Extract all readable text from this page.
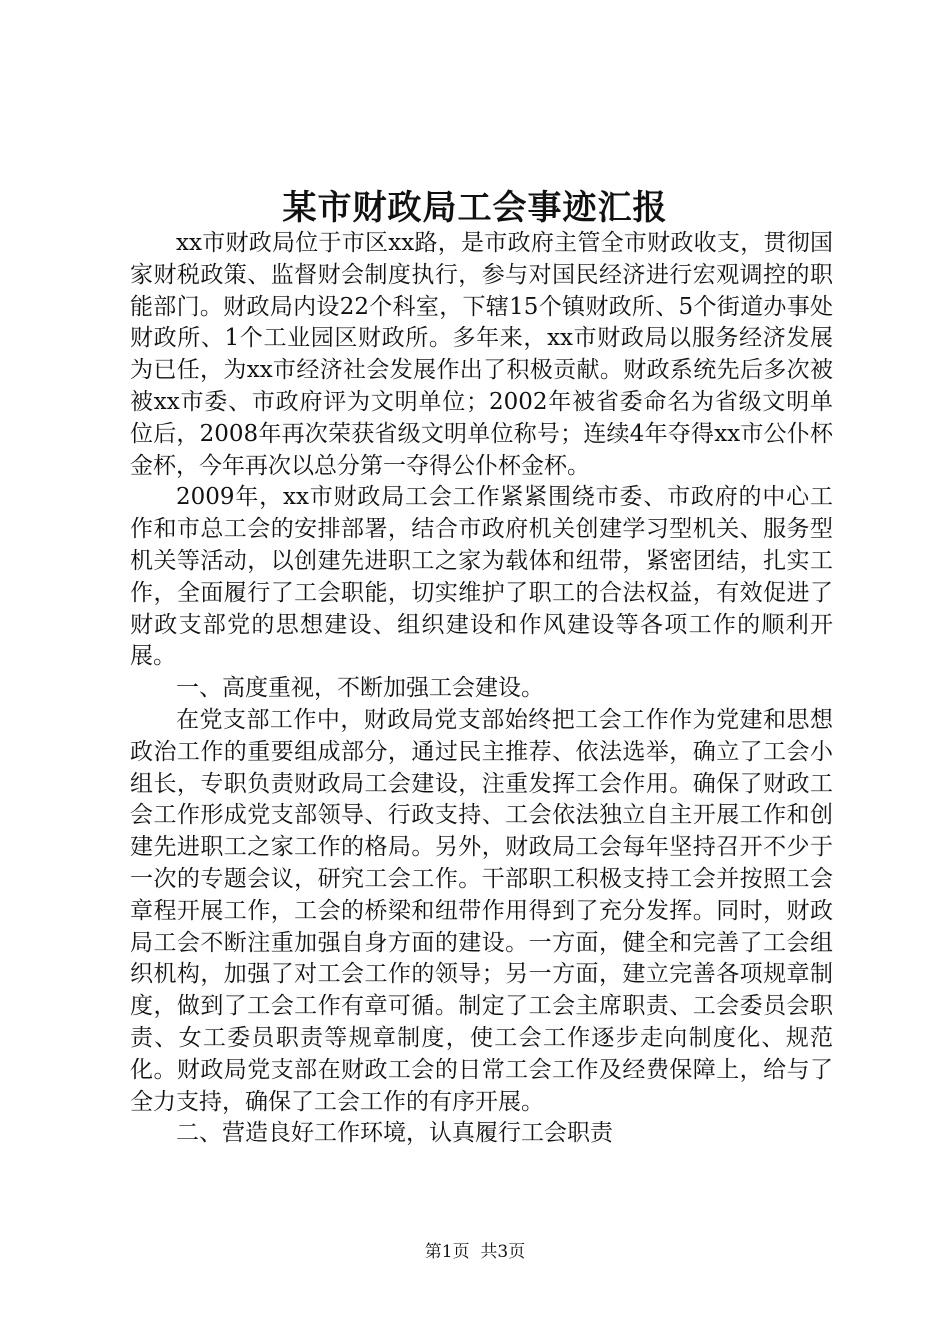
某市财政局工会事迹汇报

xx市财政局位于市区xx路，是市政府主管全市财政收支，贯彻国家财税政策、监督财会制度执行，参与对国民经济进行宏观调控的职能部门。财政局内设22个科室，下辖15个镇财政所、5个街道办事处财政所、1个工业园区财政所。多年来，xx市财政局以服务经济发展为已任，为xx市经济社会发展作出了积极贡献。财政系统先后多次被被xx市委、市政府评为文明单位；2002年被省委命名为省级文明单位后，2008年再次荣获省级文明单位称号；连续4年夺得xx市公仆杯金杯，今年再次以总分第一夺得公仆杯金杯。

2009年，xx市财政局工会工作紧紧围绕市委、市政府的中心工作和市总工会的安排部署，结合市政府机关创建学习型机关、服务型机关等活动，以创建先进职工之家为载体和纽带，紧密团结，扎实工作，全面履行了工会职能，切实维护了职工的合法权益，有效促进了财政支部党的思想建设、组织建设和作风建设等各项工作的顺利开展。

一、高度重视，不断加强工会建设。

在党支部工作中，财政局党支部始终把工会工作作为党建和思想政治工作的重要组成部分，通过民主推荐、依法选举，确立了工会小组长，专职负责财政局工会建设，注重发挥工会作用。确保了财政工会工作形成党支部领导、行政支持、工会依法独立自主开展工作和创建先进职工之家工作的格局。另外，财政局工会每年坚持召开不少于一次的专题会议，研究工会工作。干部职工积极支持工会并按照工会章程开展工作，工会的桥梁和纽带作用得到了充分发挥。同时，财政局工会不断注重加强自身方面的建设。一方面，健全和完善了工会组织机构，加强了对工会工作的领导；另一方面，建立完善各项规章制度，做到了工会工作有章可循。制定了工会主席职责、工会委员会职责、女工委员职责等规章制度，使工会工作逐步走向制度化、规范化。财政局党支部在财政工会的日常工会工作及经费保障上，给与了全力支持，确保了工会工作的有序开展。

二、营造良好工作环境，认真履行工会职责

第1页 共3页
